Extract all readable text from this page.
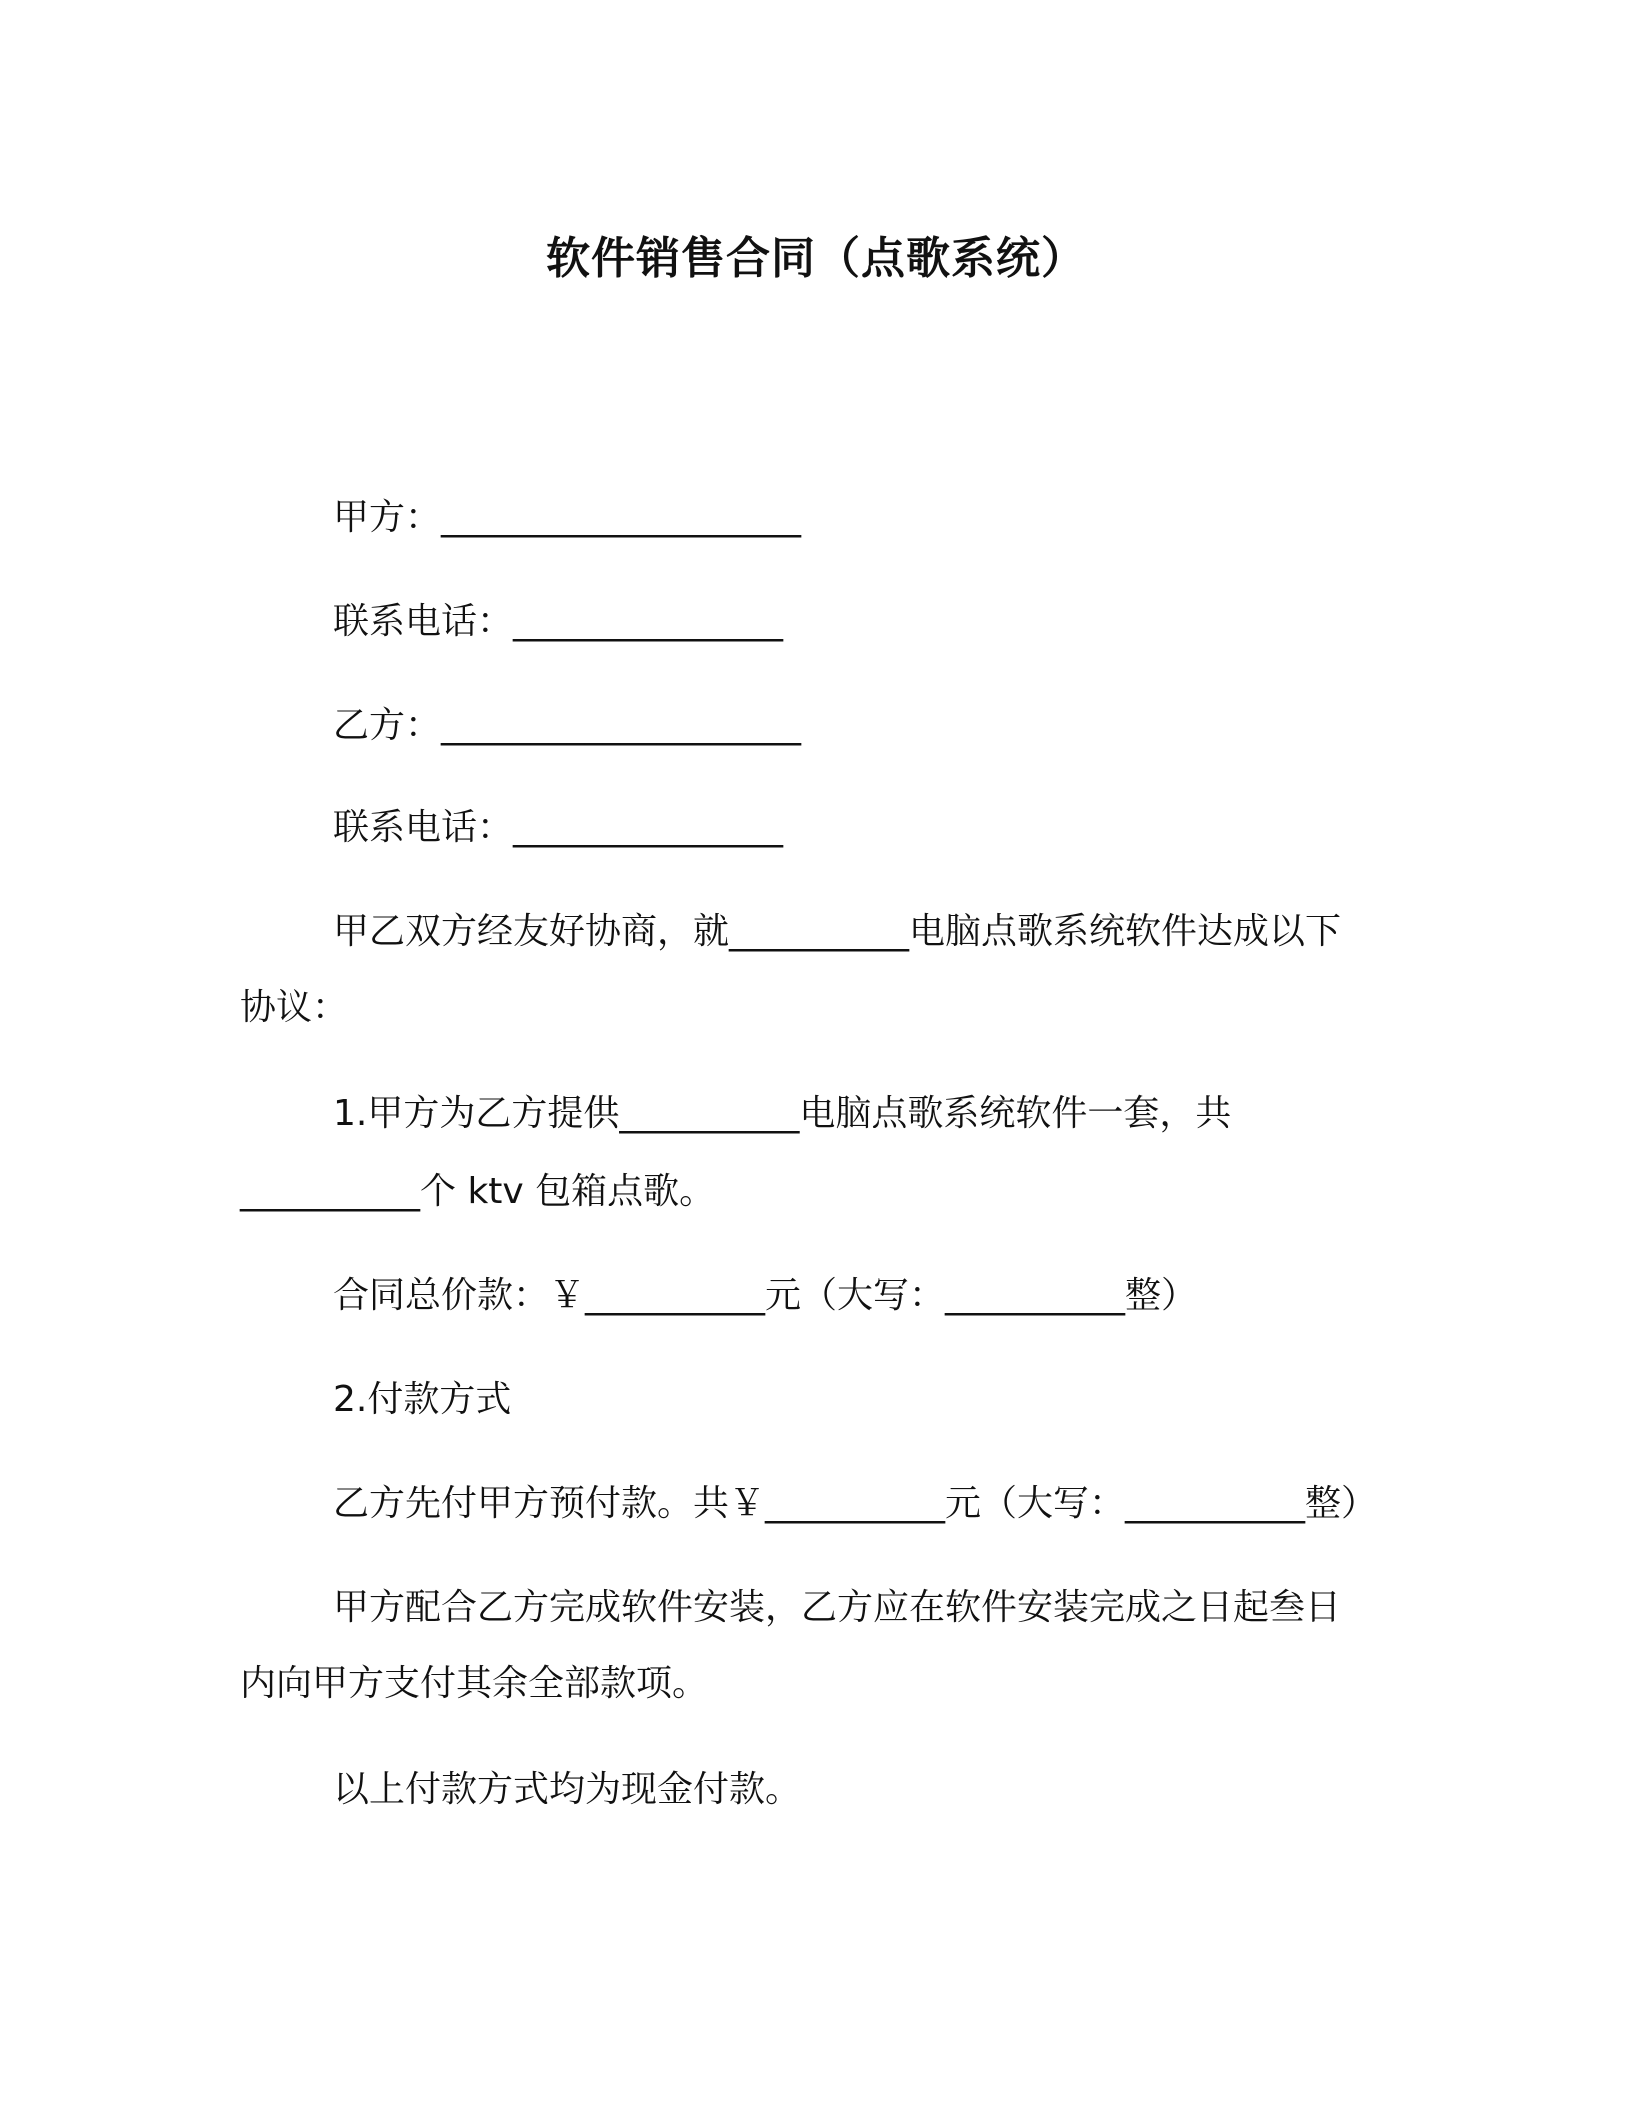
软件销售合同（点歌系统）
甲方：____________________
联系电话：_______________
乙方：____________________
联系电话：_______________
甲乙双方经友好协商，就__________电脑点歌系统软件达成以下
协议：
1.甲方为乙方提供__________电脑点歌系统软件一套，共
__________个 ktv 包箱点歌。
合同总价款：￥__________元（大写：__________整）
2.付款方式
乙方先付甲方预付款。共￥__________元（大写：__________整）
甲方配合乙方完成软件安装，乙方应在软件安装完成之日起叁日
内向甲方支付其余全部款项。
以上付款方式均为现金付款。
